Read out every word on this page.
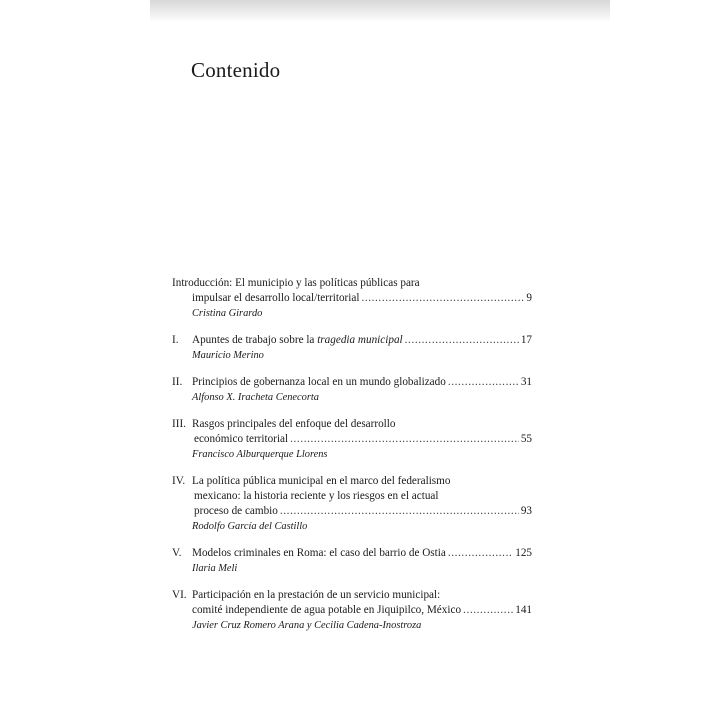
Contenido
Introducción: El municipio y las políticas públicas para
impulsar el desarrollo local/territorial .....	9
Cristina Girardo
I.	Apuntes de trabajo sobre la tragedia municipal .....	17
Mauricio Merino
II. Principios de gobernanza local en un mundo globalizado .....	31
Alfonso X. Iracheta Cenecorta
III. Rasgos principales del enfoque del desarrollo
económico territorial .....	55
Francisco Alburquerque Llorens
IV. La política pública municipal en el marco del federalismo
mexicano: la historia reciente y los riesgos en el actual
proceso de cambio .....	93
Rodolfo García del Castillo
V. Modelos criminales en Roma: el caso del barrio de Ostia .....	125
Ilaria Meli
VI. Participación en la prestación de un servicio municipal:
comité independiente de agua potable en Jiquipilco, México .....	141
Javier Cruz Romero Arana y Cecilia Cadena-Inostroza
